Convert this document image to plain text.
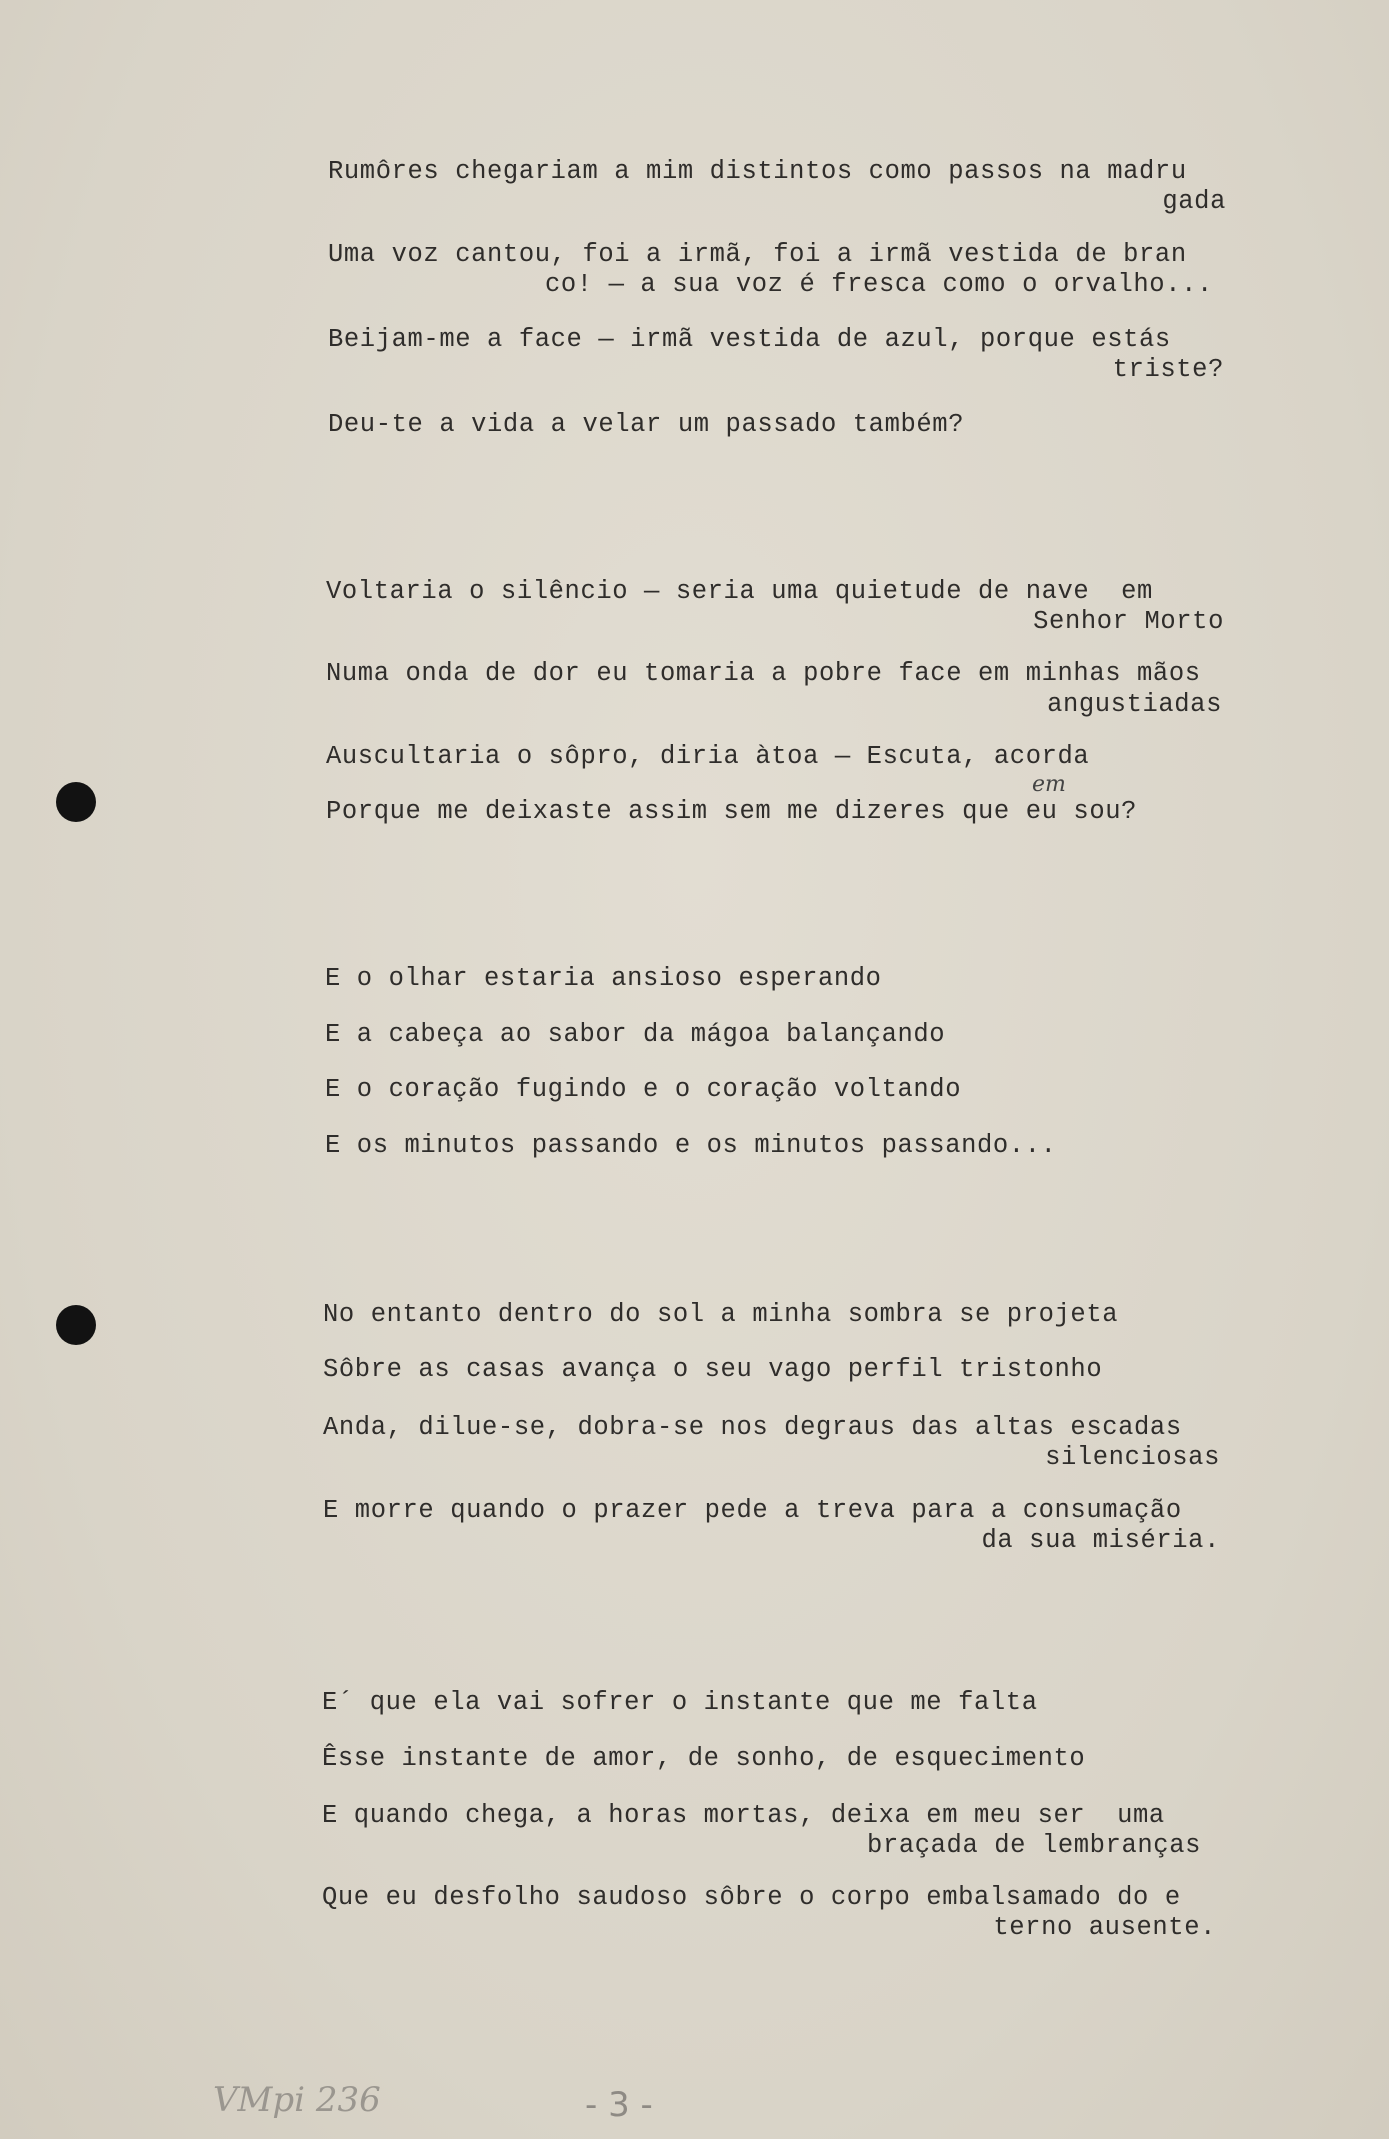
Rumôres chegariam a mim distintos como passos na madru
gada
Uma voz cantou, foi a irmã, foi a irmã vestida de bran
co! — a sua voz é fresca como o orvalho...
Beijam-me a face — irmã vestida de azul, porque estás
triste?
Deu-te a vida a velar um passado também?
Voltaria o silêncio — seria uma quietude de nave  em
Senhor Morto
Numa onda de dor eu tomaria a pobre face em minhas mãos
angustiadas
Auscultaria o sôpro, diria àtoa — Escuta, acorda
Porque me deixaste assim sem me dizeres que eu sou?
em
E o olhar estaria ansioso esperando
E a cabeça ao sabor da mágoa balançando
E o coração fugindo e o coração voltando
E os minutos passando e os minutos passando...
No entanto dentro do sol a minha sombra se projeta
Sôbre as casas avança o seu vago perfil tristonho
Anda, dilue-se, dobra-se nos degraus das altas escadas
silenciosas
E morre quando o prazer pede a treva para a consumação
da sua miséria.
E´ que ela vai sofrer o instante que me falta
Êsse instante de amor, de sonho, de esquecimento
E quando chega, a horas mortas, deixa em meu ser  uma
braçada de lembranças
Que eu desfolho saudoso sôbre o corpo embalsamado do e
terno ausente.
VMpi 236	- 3 -
